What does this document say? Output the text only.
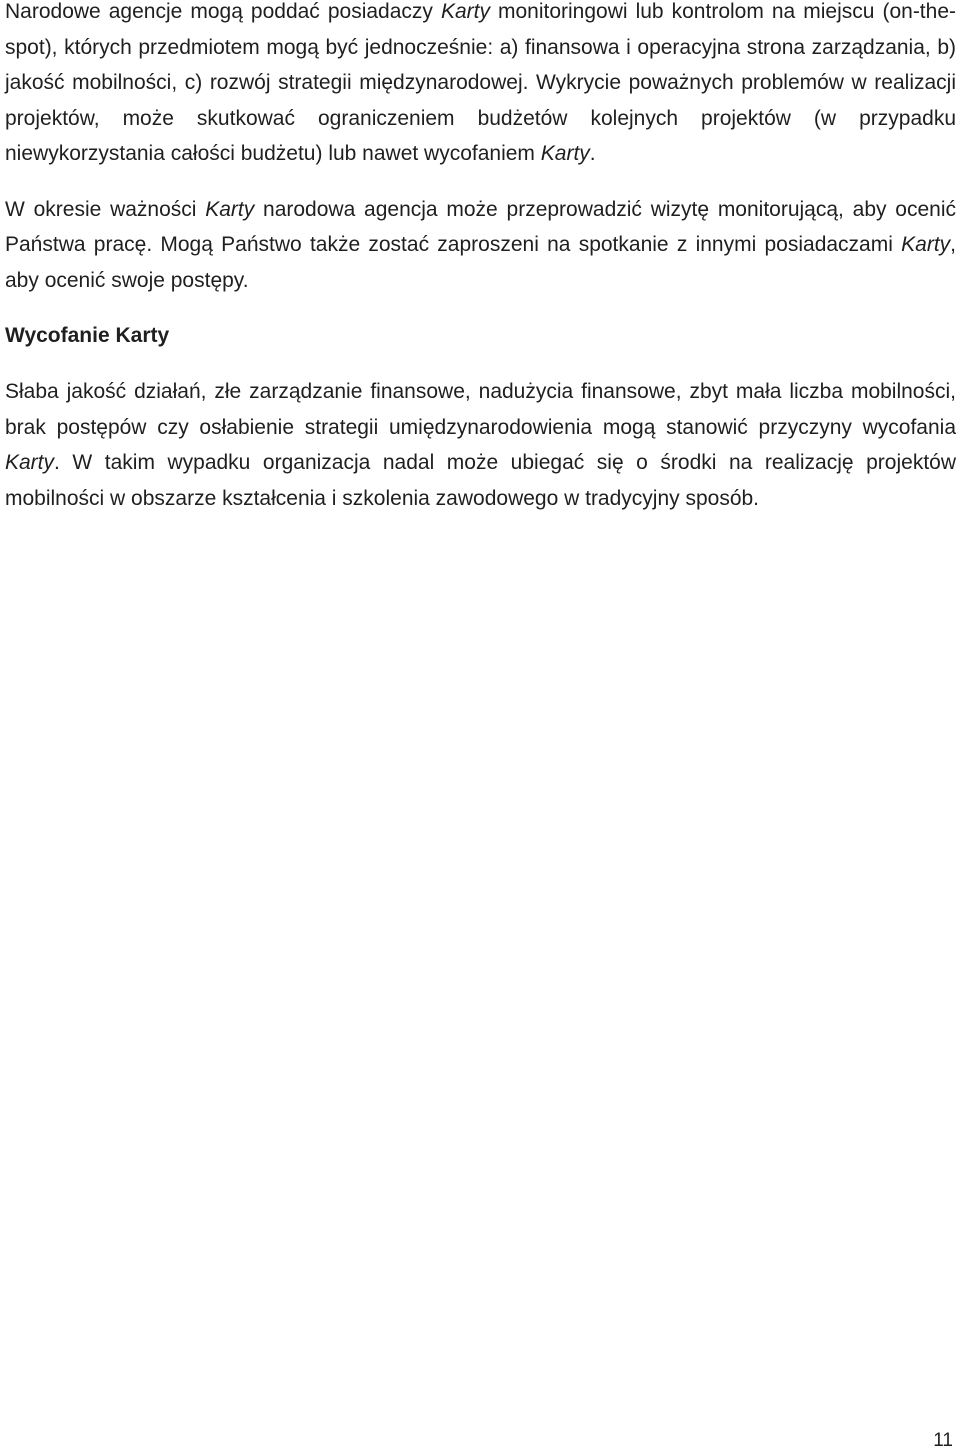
Narodowe agencje mogą poddać posiadaczy Karty monitoringowi lub kontrolom na miejscu (on-the-spot), których przedmiotem mogą być jednocześnie: a) finansowa i operacyjna strona zarządzania, b) jakość mobilności, c) rozwój strategii międzynarodowej. Wykrycie poważnych problemów w realizacji projektów, może skutkować ograniczeniem budżetów kolejnych projektów (w przypadku niewykorzystania całości budżetu) lub nawet wycofaniem Karty.

W okresie ważności Karty narodowa agencja może przeprowadzić wizytę monitorującą, aby ocenić Państwa pracę. Mogą Państwo także zostać zaproszeni na spotkanie z innymi posiadaczami Karty, aby ocenić swoje postępy.

Wycofanie Karty

Słaba jakość działań, złe zarządzanie finansowe, nadużycia finansowe, zbyt mała liczba mobilności, brak postępów czy osłabienie strategii umiędzynarodowienia mogą stanowić przyczyny wycofania Karty. W takim wypadku organizacja nadal może ubiegać się o środki na realizację projektów mobilności w obszarze kształcenia i szkolenia zawodowego w tradycyjny sposób.

11
